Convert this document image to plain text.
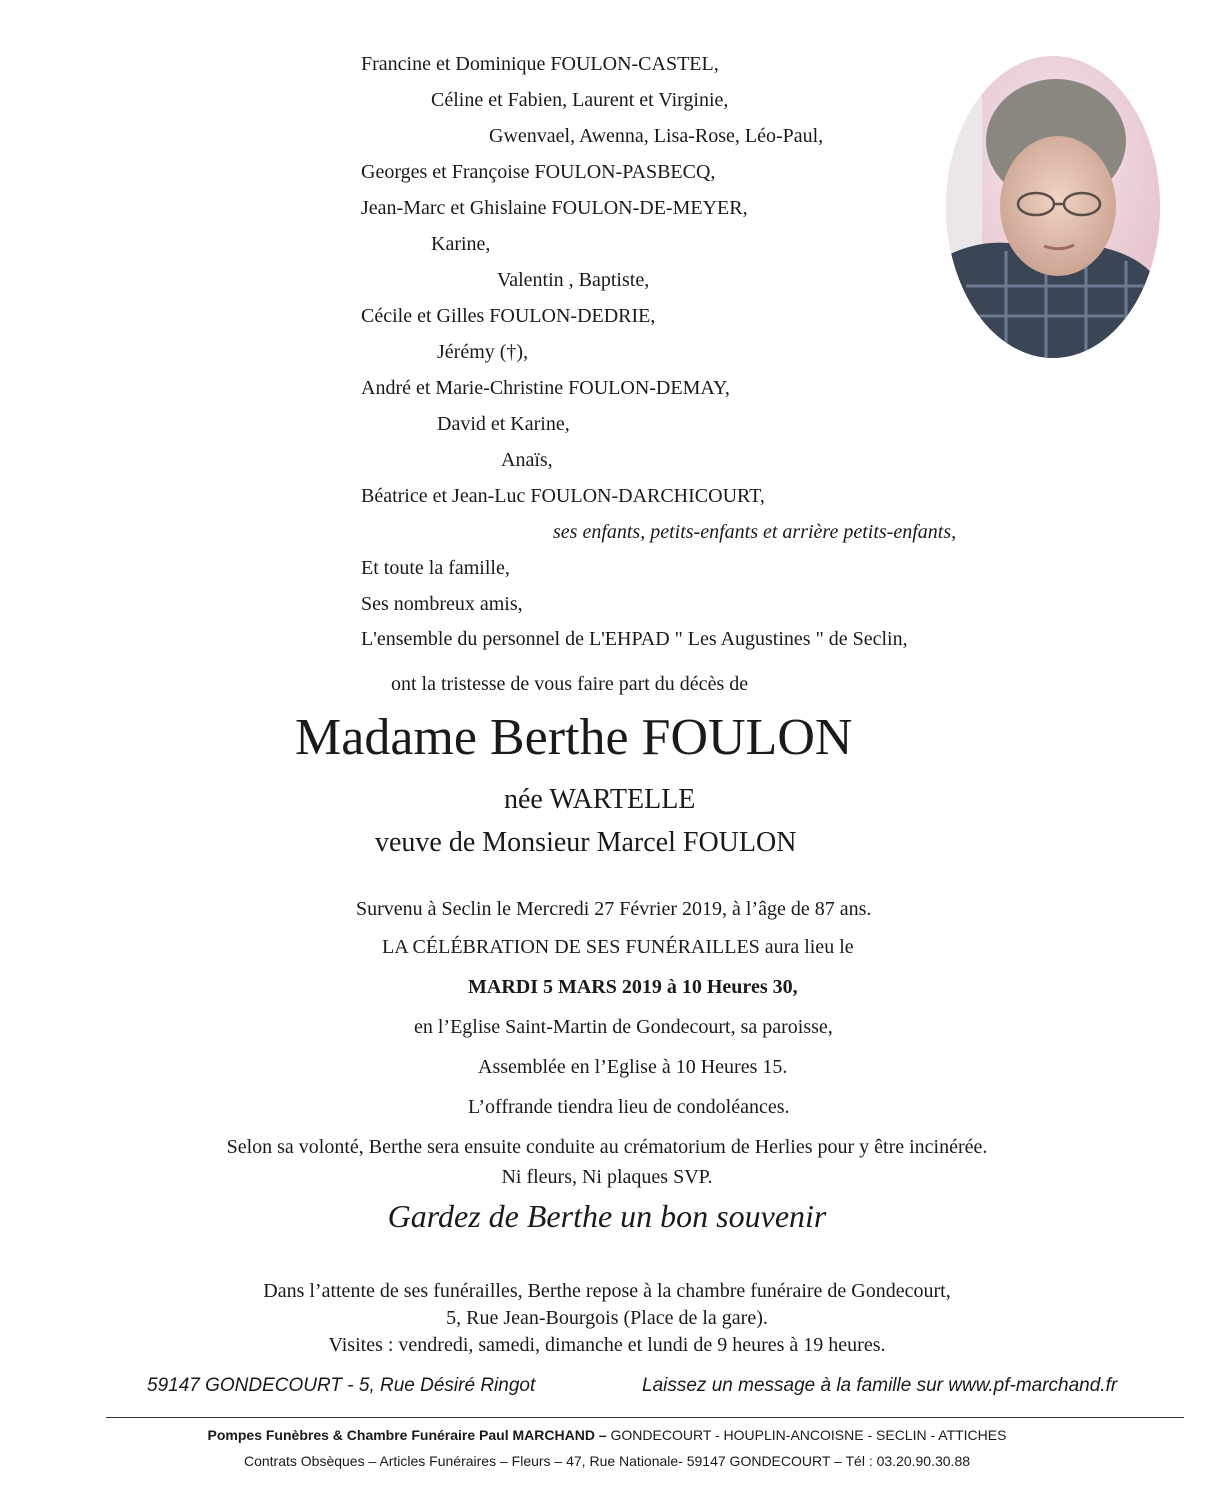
Francine et Dominique FOULON-CASTEL,
Céline et Fabien, Laurent et Virginie,
Gwenvael, Awenna, Lisa-Rose, Léo-Paul,
Georges et Françoise FOULON-PASBECQ,
Jean-Marc et Ghislaine FOULON-DE-MEYER,
Karine,
Valentin , Baptiste,
Cécile et Gilles FOULON-DEDRIE,
Jérémy (†),
André et Marie-Christine FOULON-DEMAY,
David et Karine,
Anaïs,
Béatrice et Jean-Luc FOULON-DARCHICOURT,
ses enfants, petits-enfants et arrière petits-enfants,
Et toute la famille,
Ses nombreux amis,
L'ensemble du personnel de L'EHPAD " Les Augustines " de Seclin,
ont la tristesse de vous faire part du décès de
Madame Berthe FOULON
née WARTELLE
veuve de Monsieur Marcel FOULON
Survenu à Seclin le Mercredi 27 Février 2019, à l’âge de 87 ans.
LA CÉLÉBRATION DE SES FUNÉRAILLES aura lieu le
MARDI 5 MARS 2019 à 10 Heures 30,
en l’Eglise Saint-Martin de Gondecourt, sa paroisse,
Assemblée en l’Eglise à 10 Heures 15.
L’offrande tiendra lieu de condoléances.
Selon sa volonté, Berthe sera ensuite conduite au crématorium de Herlies pour y être incinérée.
Ni fleurs, Ni plaques SVP.
Gardez de Berthe un bon souvenir
Dans l’attente de ses funérailles, Berthe repose à la chambre funéraire de Gondecourt,
5, Rue Jean-Bourgois (Place de la gare).
Visites : vendredi, samedi, dimanche et lundi de 9 heures à 19 heures.
59147 GONDECOURT - 5, Rue Désiré Ringot	Laissez un message à la famille sur www.pf-marchand.fr
Pompes Funèbres & Chambre Funéraire Paul MARCHAND – GONDECOURT - HOUPLIN-ANCOISNE - SECLIN - ATTICHES
Contrats Obsèques – Articles Funéraires – Fleurs – 47, Rue Nationale- 59147 GONDECOURT – Tél : 03.20.90.30.88
